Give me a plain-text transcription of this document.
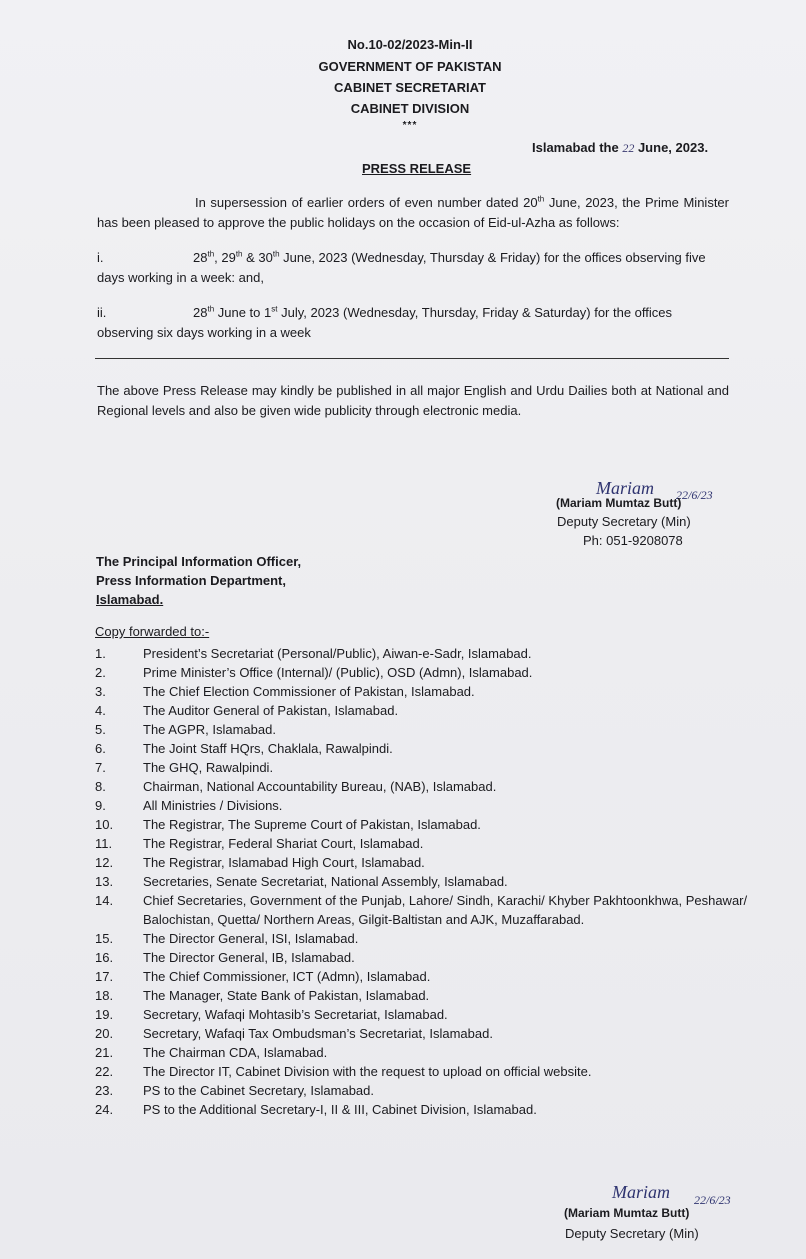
No.10-02/2023-Min-II
GOVERNMENT OF PAKISTAN
CABINET SECRETARIAT
CABINET DIVISION
***
Islamabad the 22 June, 2023.
PRESS RELEASE

In supersession of earlier orders of even number dated 20th June, 2023, the Prime Minister has been pleased to approve the public holidays on the occasion of Eid-ul-Azha as follows:

i.	28th, 29th & 30th June, 2023 (Wednesday, Thursday & Friday) for the offices observing five days working in a week: and,
ii.	28th June to 1st July, 2023 (Wednesday, Thursday, Friday & Saturday) for the offices observing six days working in a week
The above Press Release may kindly be published in all major English and Urdu Dailies both at National and Regional levels and also be given wide publicity through electronic media.
Mariam 22/6/23
(Mariam Mumtaz Butt)
Deputy Secretary (Min)
Ph: 051-9208078
The Principal Information Officer,
Press Information Department,
Islamabad.
Copy forwarded to:-
1.	President’s Secretariat (Personal/Public), Aiwan-e-Sadr, Islamabad.
2.	Prime Minister’s Office (Internal)/ (Public), OSD (Admn), Islamabad.
3.	The Chief Election Commissioner of Pakistan, Islamabad.
4.	The Auditor General of Pakistan, Islamabad.
5.	The AGPR, Islamabad.
6.	The Joint Staff HQrs, Chaklala, Rawalpindi.
7.	The GHQ, Rawalpindi.
8.	Chairman, National Accountability Bureau, (NAB), Islamabad.
9.	All Ministries / Divisions.
10.	The Registrar, The Supreme Court of Pakistan, Islamabad.
11.	The Registrar, Federal Shariat Court, Islamabad.
12.	The Registrar, Islamabad High Court, Islamabad.
13.	Secretaries, Senate Secretariat, National Assembly, Islamabad.
14.	Chief Secretaries, Government of the Punjab, Lahore/ Sindh, Karachi/ Khyber Pakhtoonkhwa, Peshawar/ Balochistan, Quetta/ Northern Areas, Gilgit-Baltistan and AJK, Muzaffarabad.
15.	The Director General, ISI, Islamabad.
16.	The Director General, IB, Islamabad.
17.	The Chief Commissioner, ICT (Admn), Islamabad.
18.	The Manager, State Bank of Pakistan, Islamabad.
19.	Secretary, Wafaqi Mohtasib’s Secretariat, Islamabad.
20.	Secretary, Wafaqi Tax Ombudsman’s Secretariat, Islamabad.
21.	The Chairman CDA, Islamabad.
22.	The Director IT, Cabinet Division with the request to upload on official website.
23.	PS to the Cabinet Secretary, Islamabad.
24.	PS to the Additional Secretary-I, II & III, Cabinet Division, Islamabad.
Mariam 22/6/23
(Mariam Mumtaz Butt)
Deputy Secretary (Min)
